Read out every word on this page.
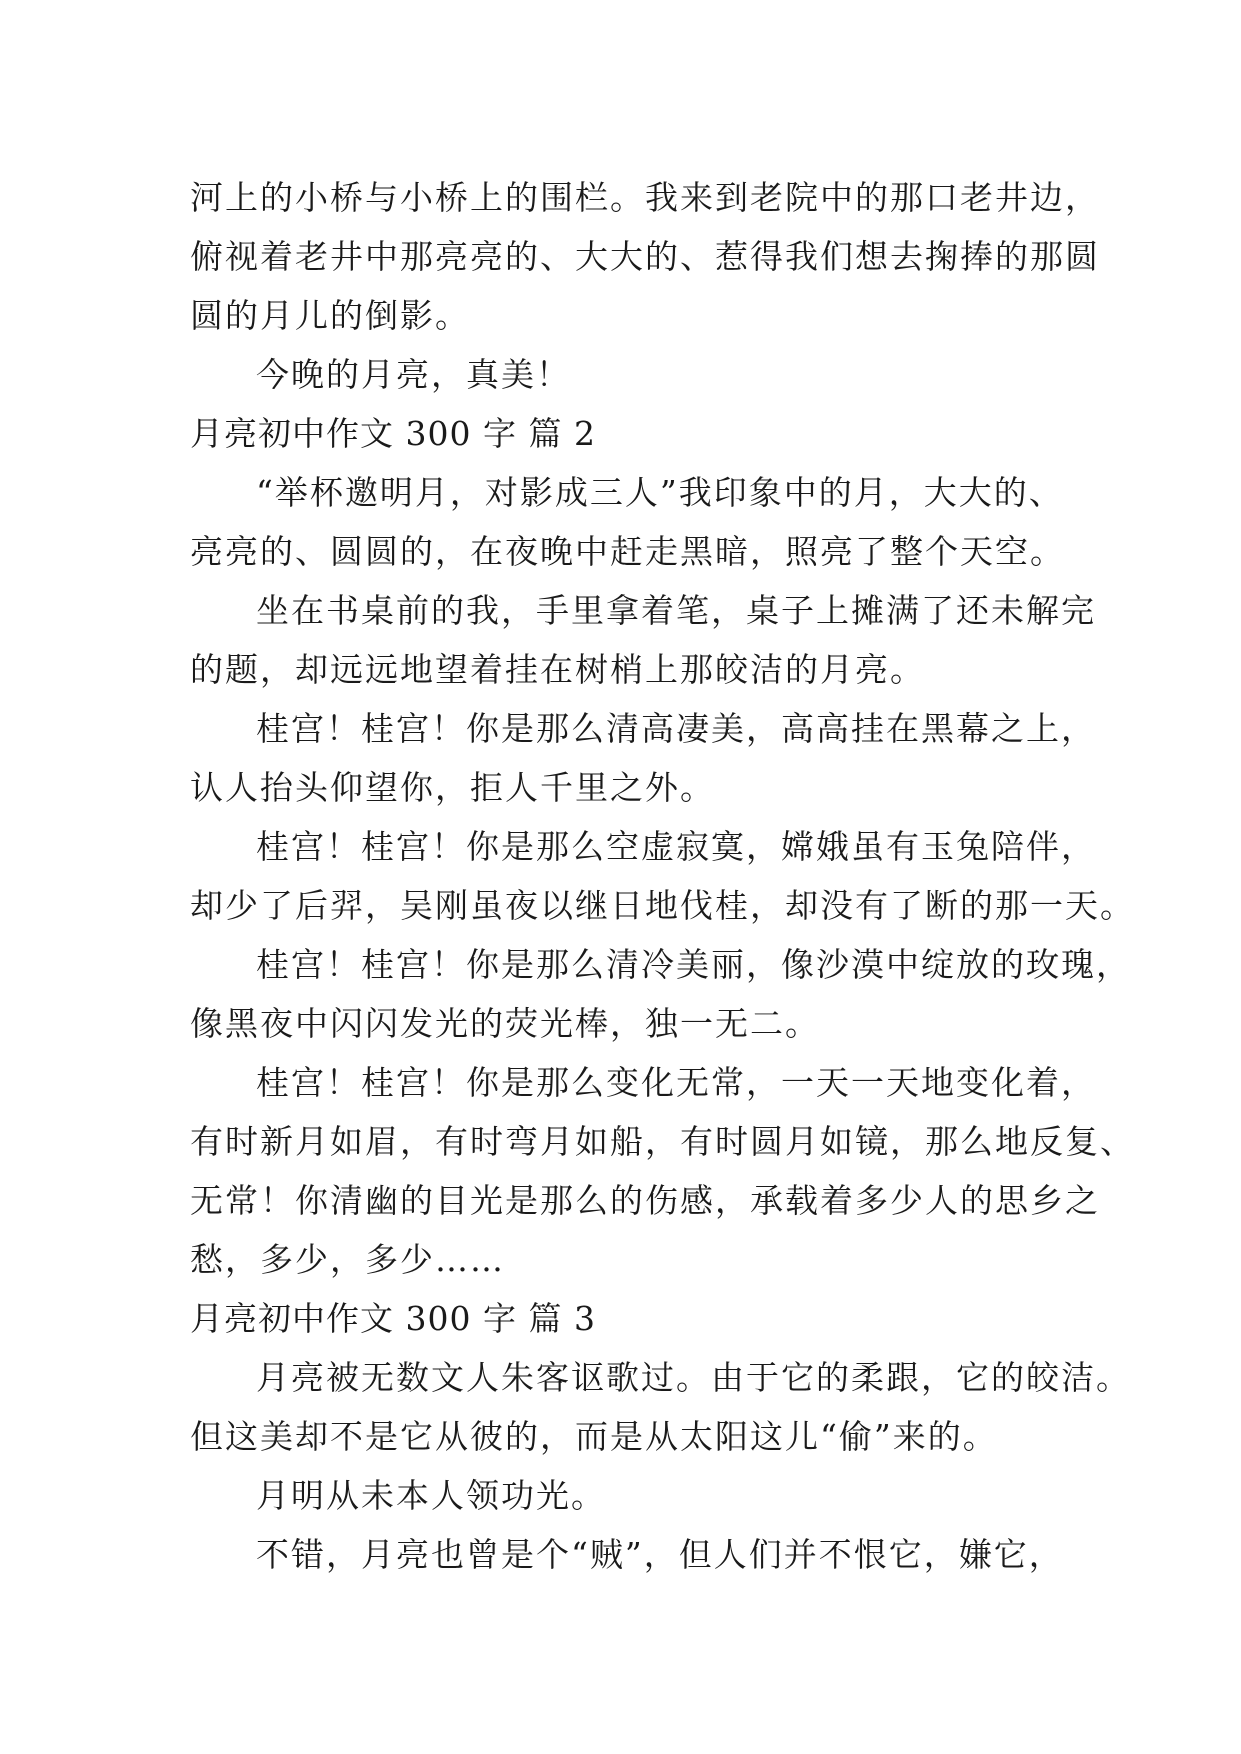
河上的小桥与小桥上的围栏。我来到老院中的那口老井边，
俯视着老井中那亮亮的、大大的、惹得我们想去掬捧的那圆
圆的月儿的倒影。
今晚的月亮，真美！
月亮初中作文 300 字 篇 2
“举杯邀明月，对影成三人”我印象中的月，大大的、
亮亮的、圆圆的，在夜晚中赶走黑暗，照亮了整个天空。
坐在书桌前的我，手里拿着笔，桌子上摊满了还未解完
的题，却远远地望着挂在树梢上那皎洁的月亮。
桂宫！桂宫！你是那么清高凄美，高高挂在黑幕之上，
认人抬头仰望你，拒人千里之外。
桂宫！桂宫！你是那么空虚寂寞，嫦娥虽有玉兔陪伴，
却少了后羿，吴刚虽夜以继日地伐桂，却没有了断的那一天。
桂宫！桂宫！你是那么清冷美丽，像沙漠中绽放的玫瑰，
像黑夜中闪闪发光的荧光棒，独一无二。
桂宫！桂宫！你是那么变化无常，一天一天地变化着，
有时新月如眉，有时弯月如船，有时圆月如镜，那么地反复、
无常！你清幽的目光是那么的伤感，承载着多少人的思乡之
愁，多少，多少……
月亮初中作文 300 字 篇 3
月亮被无数文人朱客讴歌过。由于它的柔跟，它的皎洁。
但这美却不是它从彼的，而是从太阳这儿“偷”来的。
月明从未本人领功光。
不错，月亮也曾是个“贼”，但人们并不恨它，嫌它，
